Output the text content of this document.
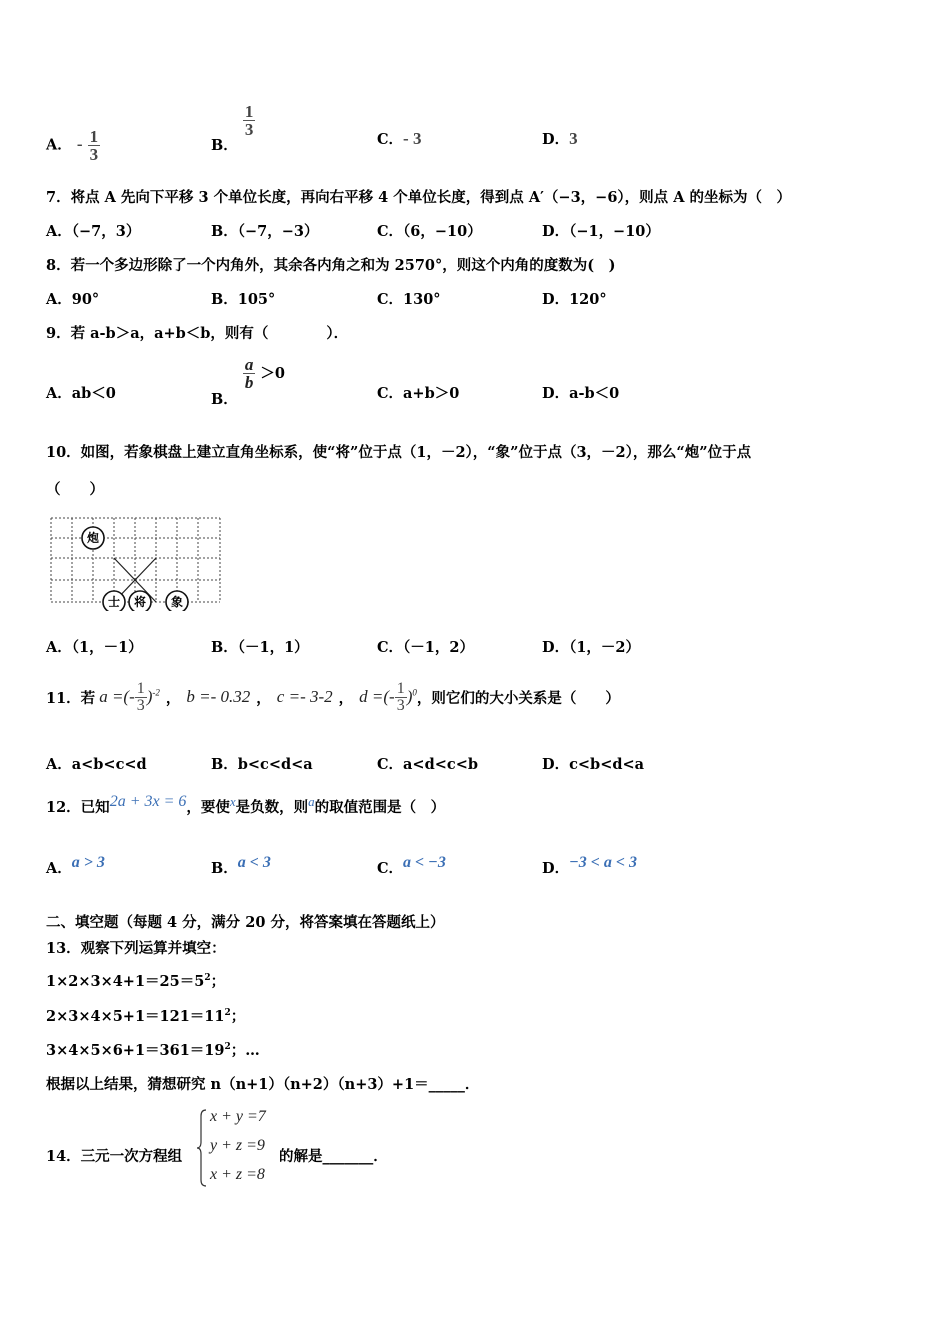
A． - $\frac{1}{3}$	B．
$\frac{1}{3}$
C．- 3	D．3
7．将点 A 先向下平移 3 个单位长度，再向右平移 4 个单位长度，得到点 A′（−3，−6），则点 A 的坐标为（　）
A．（−7，3）	B．（−7，−3）	C．（6，−10）	D．（−1，−10）
8．若一个多边形除了一个内角外，其余各内角之和为 2570°，则这个内角的度数为(　)
A．90°	B．105°	C．130°	D．120°
9．若 a-b＞a，a+b＜b，则有（　　　　）．
A．ab＜0	B．
$\frac{a}{b} >0$
C．a+b＞0	D．a-b＜0
10．如图，若象棋盘上建立直角坐标系，使“将”位于点（1，－2），“象”位于点（3，－2），那么“炮”位于点
（　　）
炮
士 将 象
A．（1，－1）	B．（－1，1）	C．（－1，2）	D．（1，－2）
11．若 a =(- $\frac{1}{3} )^{-2}$ ， b =- 0.3 2 ， c =- 3 -2 ， d =(- $\frac{1}{3} )^0$ ，则它们的大小关系是（　　）
A．a<b<c<d	B．b<c<d<a	C．a<d<c<b	D．c<b<d<a
12．已知 2a + 3x = 6 ，要使 x 是负数，则 a 的取值范围是（　）
A．a > 3	B．a < 3	C．a < −3	D．−3 < a < 3
二、填空题（每题 4 分，满分 20 分，将答案填在答题纸上）
13．观察下列运算并填空：
$1\times 2\times 3\times 4+1=25=5^2$；
$2\times 3\times 4\times 5+1=121=11^2$；
$3\times 4\times 5\times 6+1=361=19^2$；…
根据以上结果，猜想研究 n（n+1）（n+2）（n+3）+1＝_____．
14．三元一次方程组
x + y =7
y + z =9
x + z =8
的解是_______．
